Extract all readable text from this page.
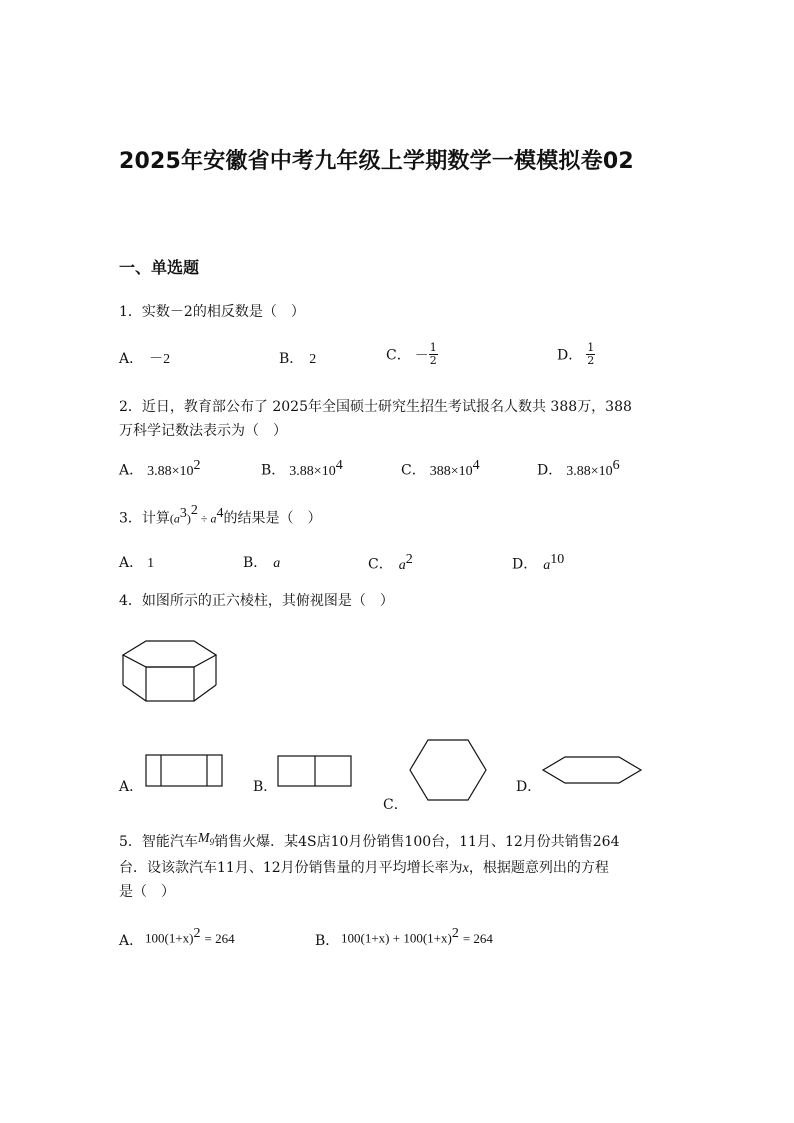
2025年安徽省中考九年级上学期数学一模模拟卷02
一、单选题
1．实数－2的相反数是（　）
A． －2	B． 2	C． － $\frac{1}{2}$	D． $\frac{1}{2}$
2．近日，教育部公布了 2025年全国硕士研究生招生考试报名人数共 388万，388
万科学记数法表示为（　）
A． $3.88\times 10^2$	B． $3.88\times 10^4$	C． $388\times 10^4$	D． $3.88\times 10^6$
3．计算$(a^3)^2 \div a^4$的结果是（　）
A． 1	B． a	C． $a^2$	D． $a^{10}$
4．如图所示的正六棱柱，其俯视图是（　）
A．	B．
C．
D．
5．智能汽车M9销售火爆．某4S店10月份销售100台，11月、12月份共销售264
台．设该款汽车11月、12月份销售量的月平均增长率为x，根据题意列出的方程
是（　）
A． $100(1+x)^2 = 264$	B． $100(1+x) + 100(1+x)^2 = 264$
